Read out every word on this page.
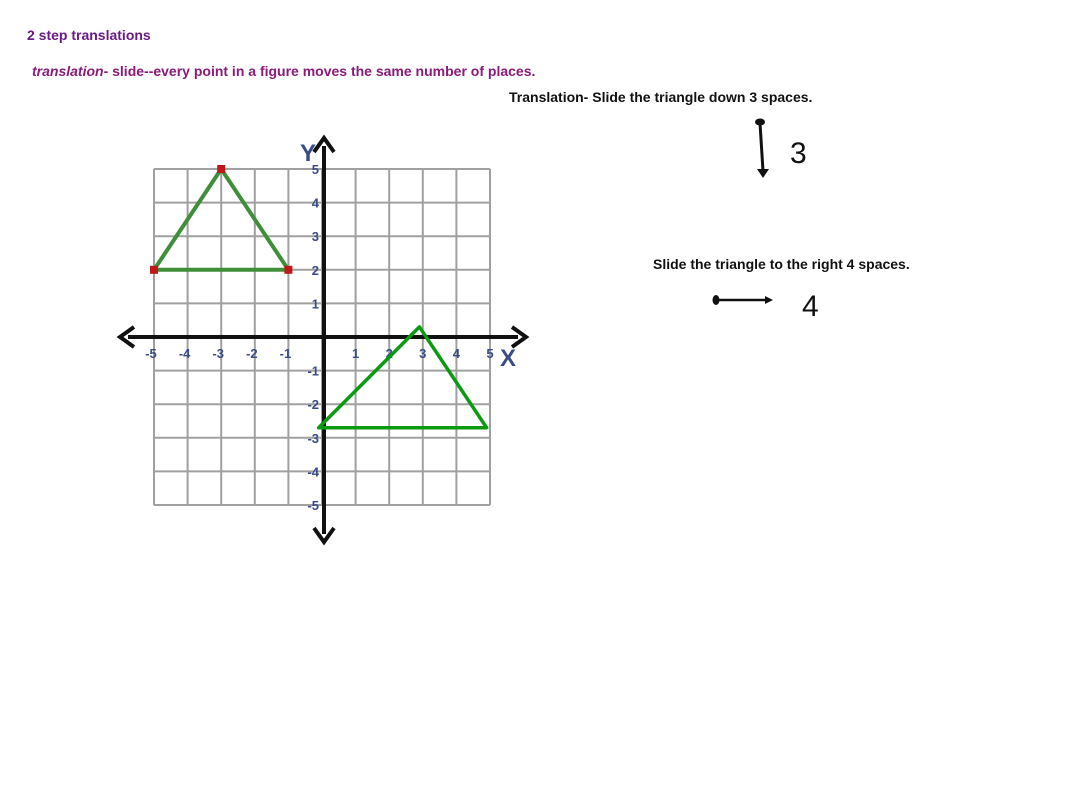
2 step translations
translation- slide--every point in a figure moves the same number of places.
Translation- Slide the triangle down 3 spaces.
Slide the triangle to the right 4 spaces.
3
4
-5 -4 -3 -2 -1	1 2 3 4 5
5
4
3
2
1
-1
-2
-3
-4
-5
X
Y
